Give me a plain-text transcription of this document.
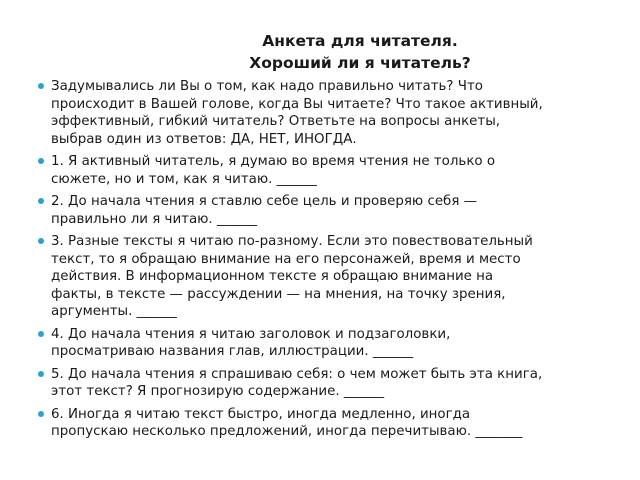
Анкета для читателя.
Хороший ли я читатель?
Задумывались ли Вы о том, как надо правильно читать? Что
происходит в Вашей голове, когда Вы читаете? Что такое активный,
эффективный, гибкий читатель? Ответьте на вопросы анкеты,
выбрав один из ответов: ДА, НЕТ, ИНОГДА.
1. Я активный читатель, я думаю во время чтения не только о
сюжете, но и том, как я читаю. ______
2. До начала чтения я ставлю себе цель и проверяю себя —
правильно ли я читаю. ______
3. Разные тексты я читаю по-разному. Если это повествовательный
текст, то я обращаю внимание на его персонажей, время и место
действия. В информационном тексте я обращаю внимание на
факты, в тексте — рассуждении — на мнения, на точку зрения,
аргументы. ______
4. До начала чтения я читаю заголовок и подзаголовки,
просматриваю названия глав, иллюстрации. ______
5. До начала чтения я спрашиваю себя: о чем может быть эта книга,
этот текст? Я прогнозирую содержание. ______
6. Иногда я читаю текст быстро, иногда медленно, иногда
пропускаю несколько предложений, иногда перечитываю. _______
